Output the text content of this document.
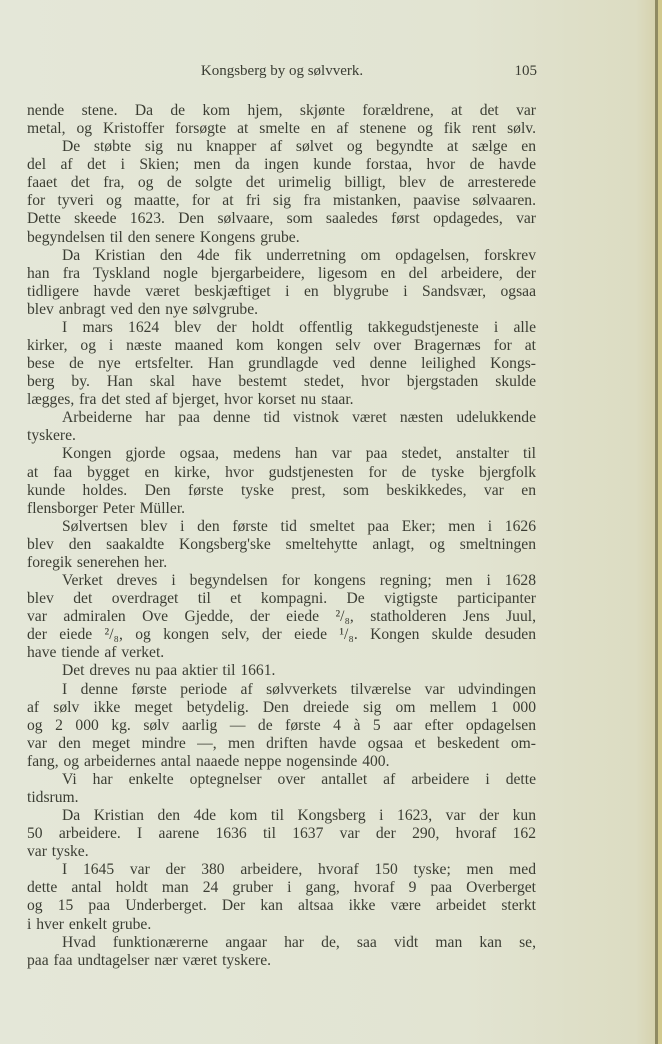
Kongsberg by og sølvverk.	105
nende stene. Da de kom hjem, skjønte forældrene, at det var
metal, og Kristoffer forsøgte at smelte en af stenene og fik rent sølv.
De støbte sig nu knapper af sølvet og begyndte at sælge en
del af det i Skien; men da ingen kunde forstaa, hvor de havde
faaet det fra, og de solgte det urimelig billigt, blev de arresterede
for tyveri og maatte, for at fri sig fra mistanken, paavise sølvaaren.
Dette skeede 1623. Den sølvaare, som saaledes først opdagedes, var
begyndelsen til den senere Kongens grube.
Da Kristian den 4de fik underretning om opdagelsen, forskrev
han fra Tyskland nogle bjergarbeidere, ligesom en del arbeidere, der
tidligere havde været beskjæftiget i en blygrube i Sandsvær, ogsaa
blev anbragt ved den nye sølvgrube.
I mars 1624 blev der holdt offentlig takkegudstjeneste i alle
kirker, og i næste maaned kom kongen selv over Bragernæs for at
bese de nye ertsfelter. Han grundlagde ved denne leilighed Kongs-
berg by. Han skal have bestemt stedet, hvor bjergstaden skulde
lægges, fra det sted af bjerget, hvor korset nu staar.
Arbeiderne har paa denne tid vistnok været næsten udelukkende
tyskere.
Kongen gjorde ogsaa, medens han var paa stedet, anstalter til
at faa bygget en kirke, hvor gudstjenesten for de tyske bjergfolk
kunde holdes. Den første tyske prest, som beskikkedes, var en
flensborger Peter Müller.
Sølvertsen blev i den første tid smeltet paa Eker; men i 1626
blev den saakaldte Kongsberg'ske smeltehytte anlagt, og smeltningen
foregik senerehen her.
Verket dreves i begyndelsen for kongens regning; men i 1628
blev det overdraget til et kompagni. De vigtigste participanter
var admiralen Ove Gjedde, der eiede ²/₈, statholderen Jens Juul,
der eiede ²/₈, og kongen selv, der eiede ¹/₈. Kongen skulde desuden
have tiende af verket.
Det dreves nu paa aktier til 1661.
I denne første periode af sølvverkets tilværelse var udvindingen
af sølv ikke meget betydelig. Den dreiede sig om mellem 1 000
og 2 000 kg. sølv aarlig — de første 4 à 5 aar efter opdagelsen
var den meget mindre —, men driften havde ogsaa et beskedent om-
fang, og arbeidernes antal naaede neppe nogensinde 400.
Vi har enkelte optegnelser over antallet af arbeidere i dette
tidsrum.
Da Kristian den 4de kom til Kongsberg i 1623, var der kun
50 arbeidere. I aarene 1636 til 1637 var der 290, hvoraf 162
var tyske.
I 1645 var der 380 arbeidere, hvoraf 150 tyske; men med
dette antal holdt man 24 gruber i gang, hvoraf 9 paa Overberget
og 15 paa Underberget. Der kan altsaa ikke være arbeidet sterkt
i hver enkelt grube.
Hvad funktionærerne angaar har de, saa vidt man kan se,
paa faa undtagelser nær været tyskere.
